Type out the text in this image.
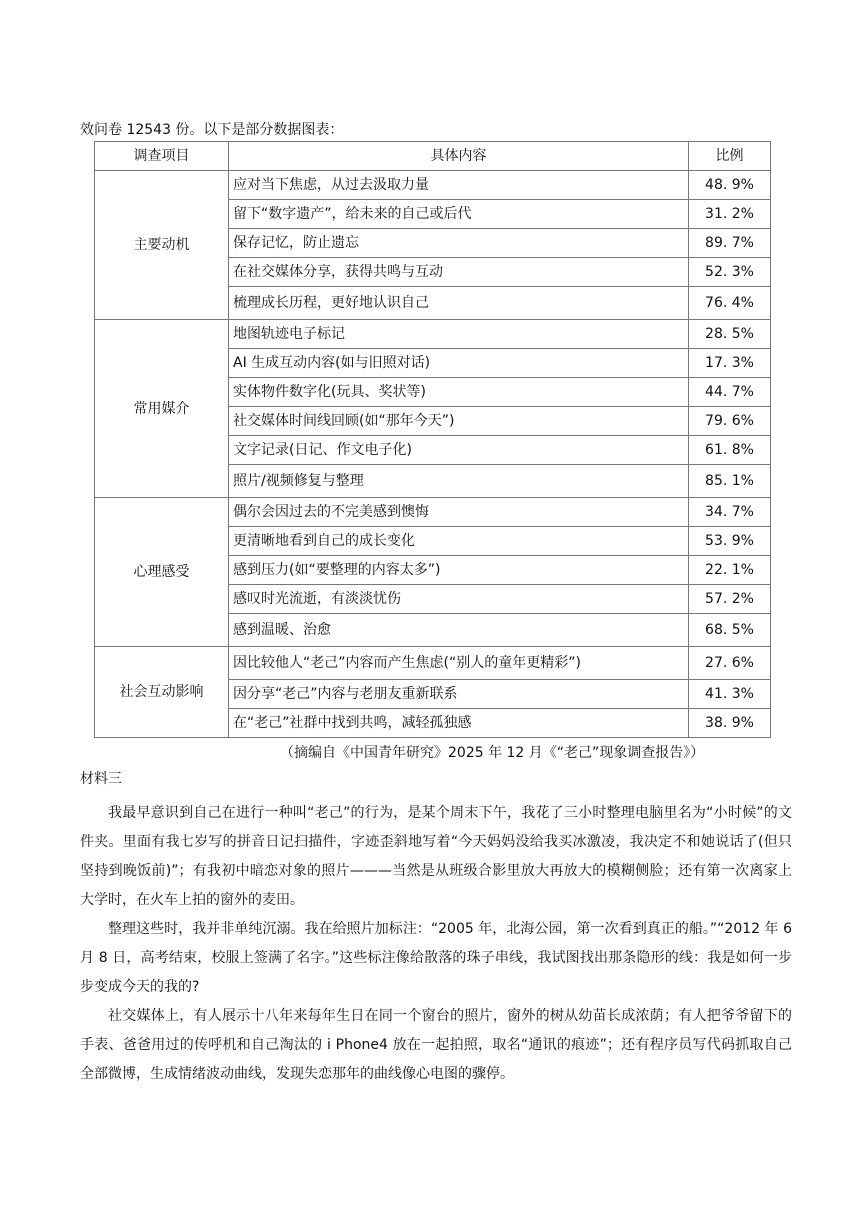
效问卷 12543 份。以下是部分数据图表：
调查项目	具体内容	比例
主要动机	应对当下焦虑，从过去汲取力量	48. 9%
	留下“数字遗产”，给未来的自己或后代	31. 2%
	保存记忆，防止遗忘	89. 7%
	在社交媒体分享，获得共鸣与互动	52. 3%
	梳理成长历程，更好地认识自己	76. 4%
常用媒介	地图轨迹电子标记	28. 5%
	AI 生成互动内容(如与旧照对话)	17. 3%
	实体物件数字化(玩具、奖状等)	44. 7%
	社交媒体时间线回顾(如“那年今天”)	79. 6%
	文字记录(日记、作文电子化)	61. 8%
	照片/视频修复与整理	85. 1%
心理感受	偶尔会因过去的不完美感到懊悔	34. 7%
	更清晰地看到自己的成长变化	53. 9%
	感到压力(如“要整理的内容太多”)	22. 1%
	感叹时光流逝，有淡淡忧伤	57. 2%
	感到温暖、治愈	68. 5%
社会互动影响	因比较他人“老己”内容而产生焦虑(“别人的童年更精彩”)	27. 6%
	因分享“老己”内容与老朋友重新联系	41. 3%
	在“老己”社群中找到共鸣，减轻孤独感	38. 9%
（摘编自《中国青年研究》2025 年 12 月《“老己”现象调查报告》）
材料三

我最早意识到自己在进行一种叫“老己”的行为，是某个周末下午，我花了三小时整理电脑里名为“小时候”的文件夹。里面有我七岁写的拼音日记扫描件，字迹歪斜地写着“今天妈妈没给我买冰激凌，我决定不和她说话了(但只坚持到晚饭前)”；有我初中暗恋对象的照片———当然是从班级合影里放大再放大的模糊侧脸；还有第一次离家上大学时，在火车上拍的窗外的麦田。

整理这些时，我并非单纯沉溺。我在给照片加标注：“2005 年，北海公园，第一次看到真正的船。”“2012 年 6 月 8 日，高考结束，校服上签满了名字。”这些标注像给散落的珠子串线，我试图找出那条隐形的线：我是如何一步步变成今天的我的?

社交媒体上，有人展示十八年来每年生日在同一个窗台的照片，窗外的树从幼苗长成浓荫；有人把爷爷留下的手表、爸爸用过的传呼机和自己淘汰的 i Phone4 放在一起拍照，取名“通讯的痕迹”；还有程序员写代码抓取自己全部微博，生成情绪波动曲线，发现失恋那年的曲线像心电图的骤停。
